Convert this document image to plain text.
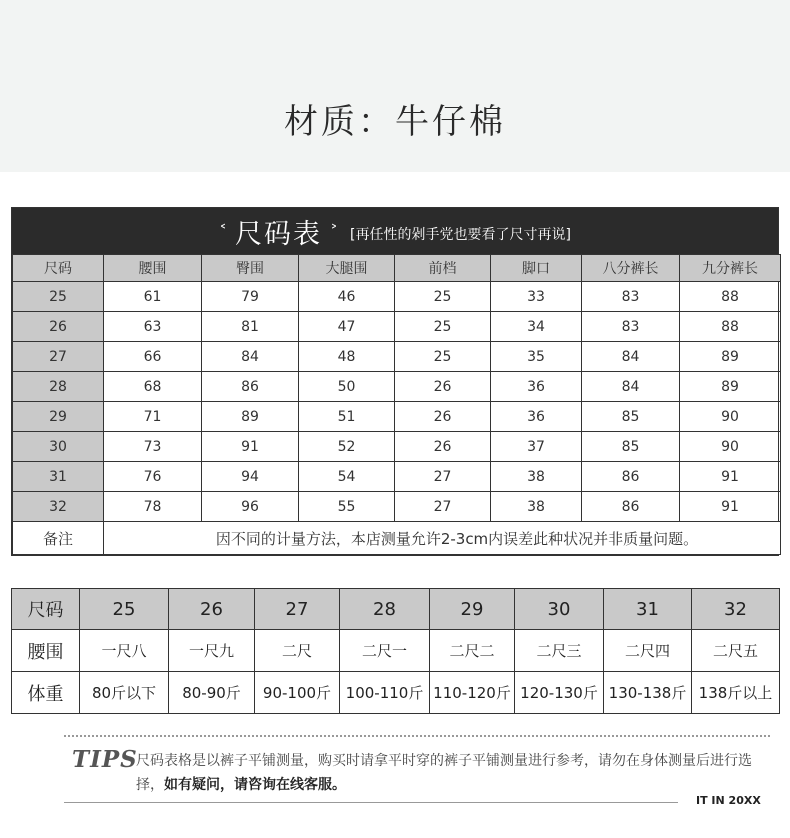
材质：牛仔棉
˂ 尺码表 ˃ [再任性的剁手党也要看了尺寸再说]
尺码	腰围	臀围	大腿围	前档	脚口	八分裤长	九分裤长
25	61	79	46	25	33	83	88
26	63	81	47	25	34	83	88
27	66	84	48	25	35	84	89
28	68	86	50	26	36	84	89
29	71	89	51	26	36	85	90
30	73	91	52	26	37	85	90
31	76	94	54	27	38	86	91
32	78	96	55	27	38	86	91
备注	因不同的计量方法，本店测量允许2-3cm内误差此种状况并非质量问题。						
尺码	25	26	27	28	29	30	31	32
腰围	一尺八	一尺九	二尺	二尺一	二尺二	二尺三	二尺四	二尺五
体重	80斤以下	80-90斤	90-100斤	100-110斤	110-120斤	120-130斤	130-138斤	138斤以上
TIPS
尺码表格是以裤子平铺测量，购买时请拿平时穿的裤子平铺测量进行参考，请勿在身体测量后进行选择，如有疑问，请咨询在线客服。
IT IN 20XX
